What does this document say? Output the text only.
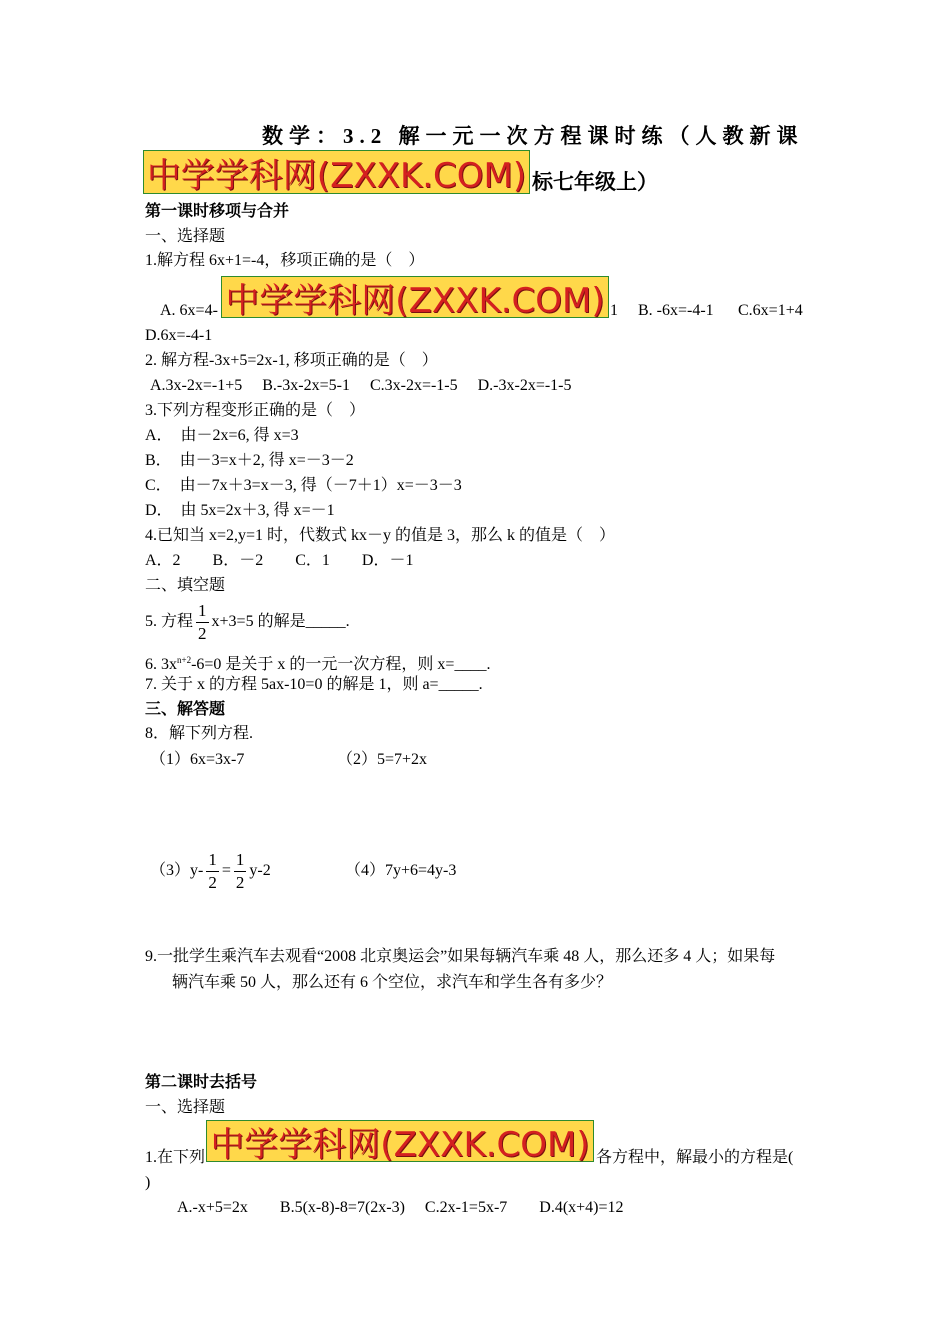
数学：3.2 解一元一次方程课时练（人教新课
中学学科网(ZXXK.COM) 标七年级上）
第一课时移项与合并
一、选择题
1.解方程 6x+1=-4，移项正确的是（　）
A. 6x=4- 中学学科网(ZXXK.COM) 1 B. -6x=-4-1 C.6x=1+4
D.6x=-4-1
2. 解方程-3x+5=2x-1, 移项正确的是（　）
A.3x-2x=-1+5　 B.-3x-2x=5-1　 C.3x-2x=-1-5　 D.-3x-2x=-1-5
3.下列方程变形正确的是（　）
A．　由－2x=6, 得 x=3
B．　由－3=x＋2, 得 x=－3－2
C．　由－7x＋3=x－3, 得（－7＋1）x=－3－3
D．　由 5x=2x＋3, 得 x=－1
4.已知当 x=2,y=1 时，代数式 kx－y 的值是 3，那么 k 的值是（　）
A．2　　B．－2　　C．1　　D．－1
二、填空题
5. 方程 $\frac{1}{2} x+3=5$ 的解是_____.
6. $3x^{n+2}-6=0$ 是关于 x 的一元一次方程，则 x=____.
7. 关于 x 的方程 5ax-10=0 的解是 1，则 a=_____.
三、解答题
8．解下列方程.
（1）6x=3x-7	（2）5=7+2x
$(3)y- \frac{1}{2} = \frac{1}{2} y-2$	（4）7y+6=4y-3
9.一批学生乘汽车去观看“2008 北京奥运会”如果每辆汽车乘 48 人，那么还多 4 人；如果每
辆汽车乘 50 人，那么还有 6 个空位，求汽车和学生各有多少？
第二课时去括号
一、选择题
1.在下列 中学学科网(ZXXK.COM) 各方程中，解最小的方程是(
)
A.-x+5=2x　　B.5(x-8)-8=7(2x-3)　 C.2x-1=5x-7　　D.4(x+4)=12
